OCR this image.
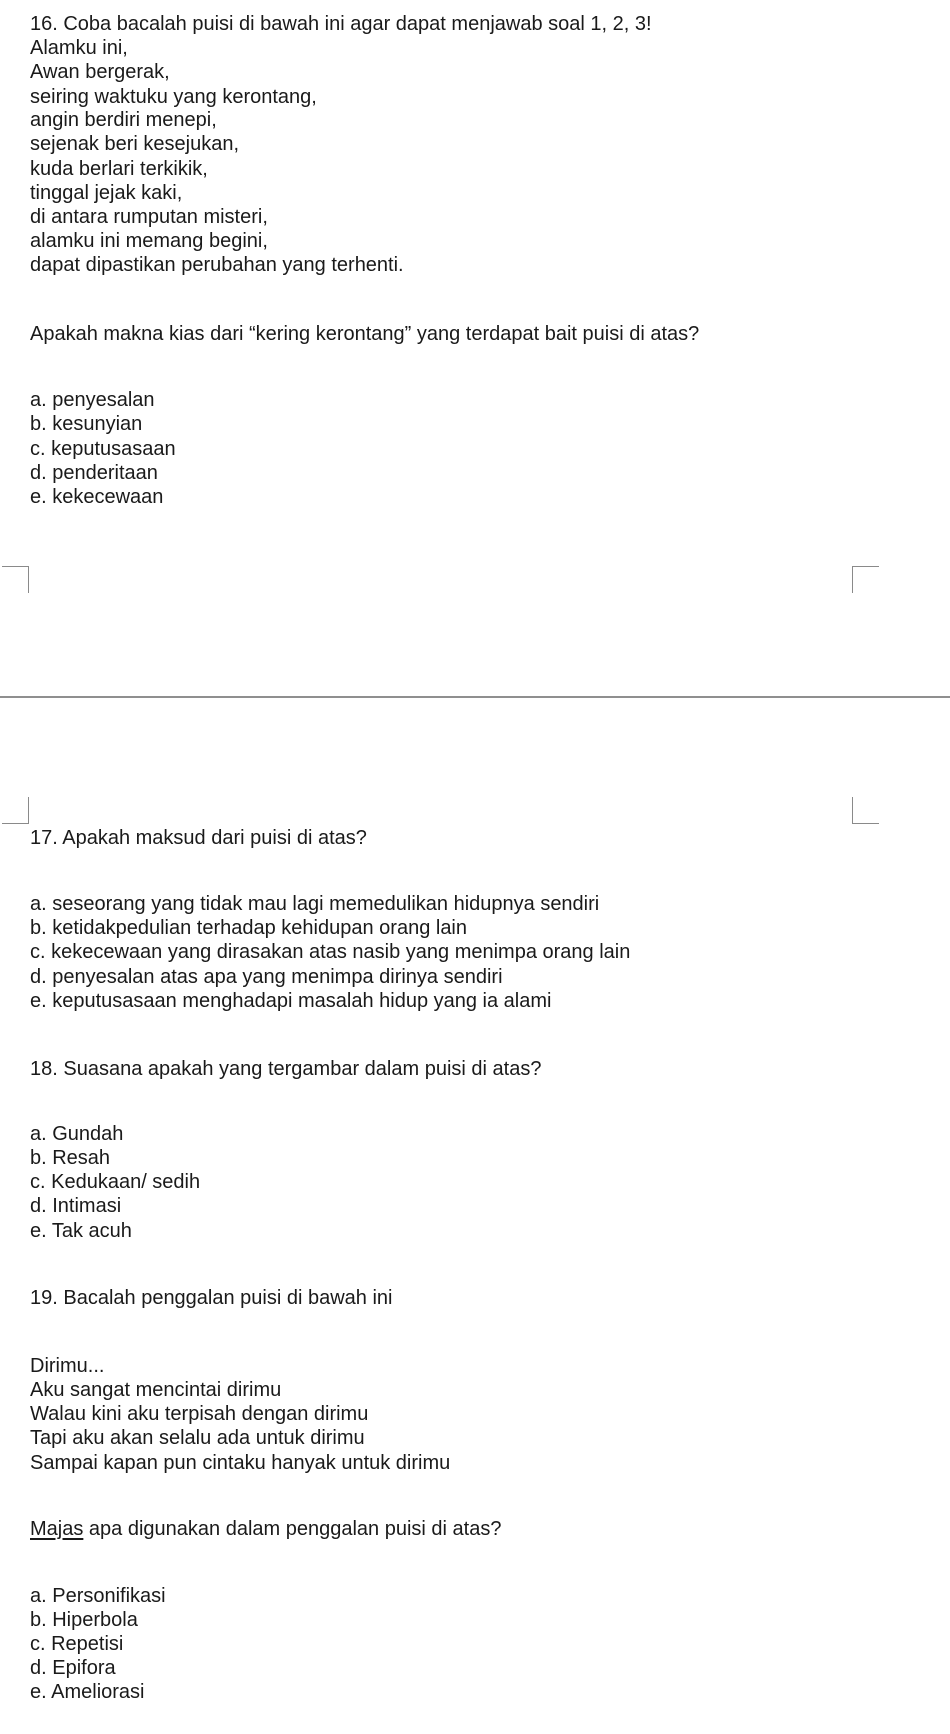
16. Coba bacalah puisi di bawah ini agar dapat menjawab soal 1, 2, 3!
Alamku ini,
Awan bergerak,
seiring waktuku yang kerontang,
angin berdiri menepi,
sejenak beri kesejukan,
kuda berlari terkikik,
tinggal jejak kaki,
di antara rumputan misteri,
alamku ini memang begini,
dapat dipastikan perubahan yang terhenti.
Apakah makna kias dari “kering kerontang” yang terdapat bait puisi di atas?
a. penyesalan
b. kesunyian
c. keputusasaan
d. penderitaan
e. kekecewaan
17. Apakah maksud dari puisi di atas?
a. seseorang yang tidak mau lagi memedulikan hidupnya sendiri
b. ketidakpedulian terhadap kehidupan orang lain
c. kekecewaan yang dirasakan atas nasib yang menimpa orang lain
d. penyesalan atas apa yang menimpa dirinya sendiri
e. keputusasaan menghadapi masalah hidup yang ia alami
18. Suasana apakah yang tergambar dalam puisi di atas?
a. Gundah
b. Resah
c. Kedukaan/ sedih
d. Intimasi
e. Tak acuh
19. Bacalah penggalan puisi di bawah ini
Dirimu...
Aku sangat mencintai dirimu
Walau kini aku terpisah dengan dirimu
Tapi aku akan selalu ada untuk dirimu
Sampai kapan pun cintaku hanyak untuk dirimu
Majas apa digunakan dalam penggalan puisi di atas?
a. Personifikasi
b. Hiperbola
c. Repetisi
d. Epifora
e. Ameliorasi
